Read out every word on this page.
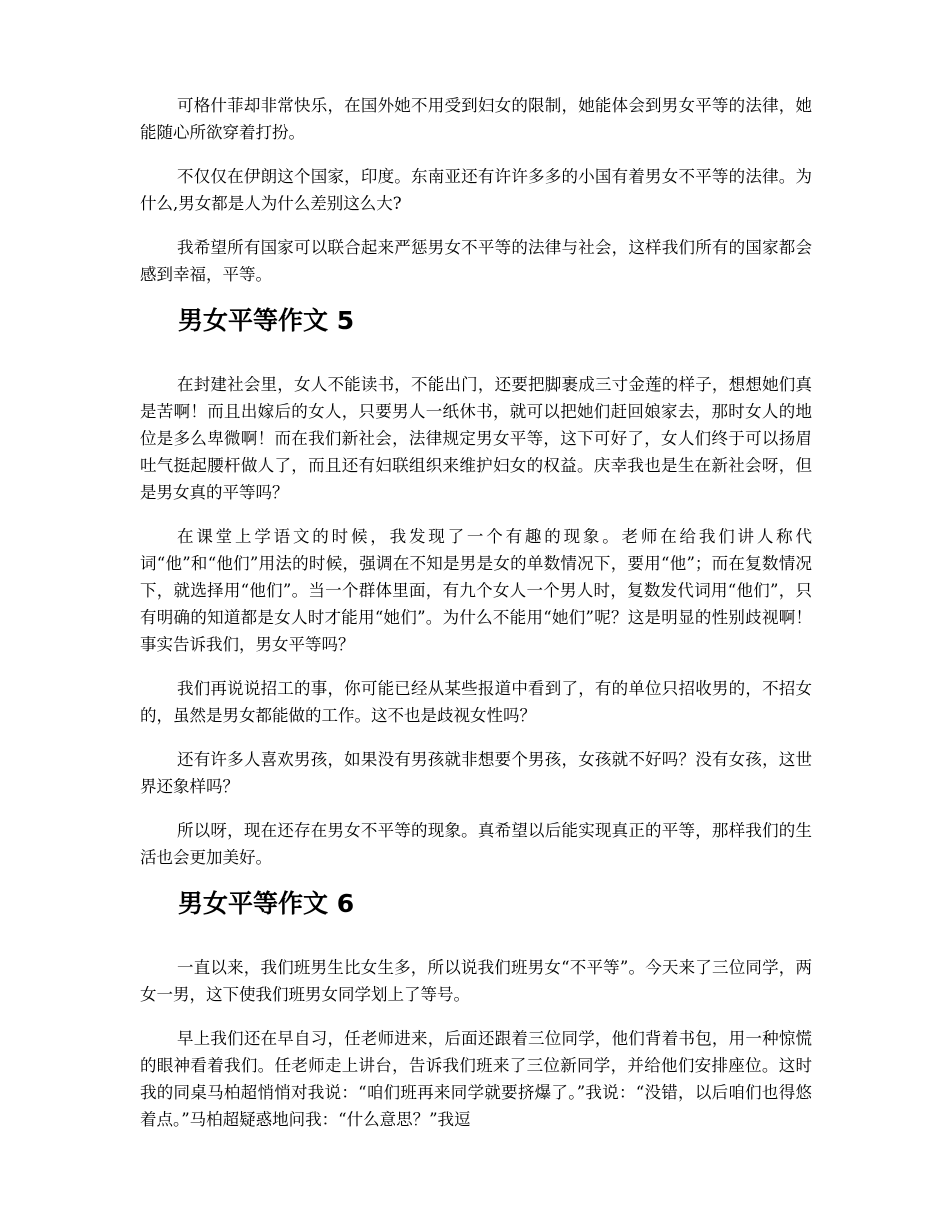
可格什菲却非常快乐，在国外她不用受到妇女的限制，她能体会到男女平等的法律，她能随心所欲穿着打扮。

不仅仅在伊朗这个国家，印度。东南亚还有许许多多的小国有着男女不平等的法律。为什么,男女都是人为什么差别这么大?

我希望所有国家可以联合起来严惩男女不平等的法律与社会，这样我们所有的国家都会感到幸福，平等。

男女平等作文 5

在封建社会里，女人不能读书，不能出门，还要把脚裹成三寸金莲的样子，想想她们真是苦啊！而且出嫁后的女人，只要男人一纸休书，就可以把她们赶回娘家去，那时女人的地位是多么卑微啊！而在我们新社会，法律规定男女平等，这下可好了，女人们终于可以扬眉吐气挺起腰杆做人了，而且还有妇联组织来维护妇女的权益。庆幸我也是生在新社会呀，但是男女真的平等吗？

在课堂上学语文的时候，我发现了一个有趣的现象。老师在给我们讲人称代词“他”和“他们”用法的时候，强调在不知是男是女的单数情况下，要用“他”；而在复数情况下，就选择用“他们”。当一个群体里面，有九个女人一个男人时，复数发代词用“他们”，只有明确的知道都是女人时才能用“她们”。为什么不能用“她们”呢？这是明显的性别歧视啊！事实告诉我们，男女平等吗？

我们再说说招工的事，你可能已经从某些报道中看到了，有的单位只招收男的，不招女的，虽然是男女都能做的工作。这不也是歧视女性吗？

还有许多人喜欢男孩，如果没有男孩就非想要个男孩，女孩就不好吗？没有女孩，这世界还象样吗？

所以呀，现在还存在男女不平等的现象。真希望以后能实现真正的平等，那样我们的生活也会更加美好。

男女平等作文 6

一直以来，我们班男生比女生多，所以说我们班男女“不平等”。今天来了三位同学，两女一男，这下使我们班男女同学划上了等号。

早上我们还在早自习，任老师进来，后面还跟着三位同学，他们背着书包，用一种惊慌的眼神看着我们。任老师走上讲台，告诉我们班来了三位新同学，并给他们安排座位。这时我的同桌马柏超悄悄对我说：“咱们班再来同学就要挤爆了。”我说：“没错，以后咱们也得悠着点。”马柏超疑惑地问我：“什么意思？”我逗
